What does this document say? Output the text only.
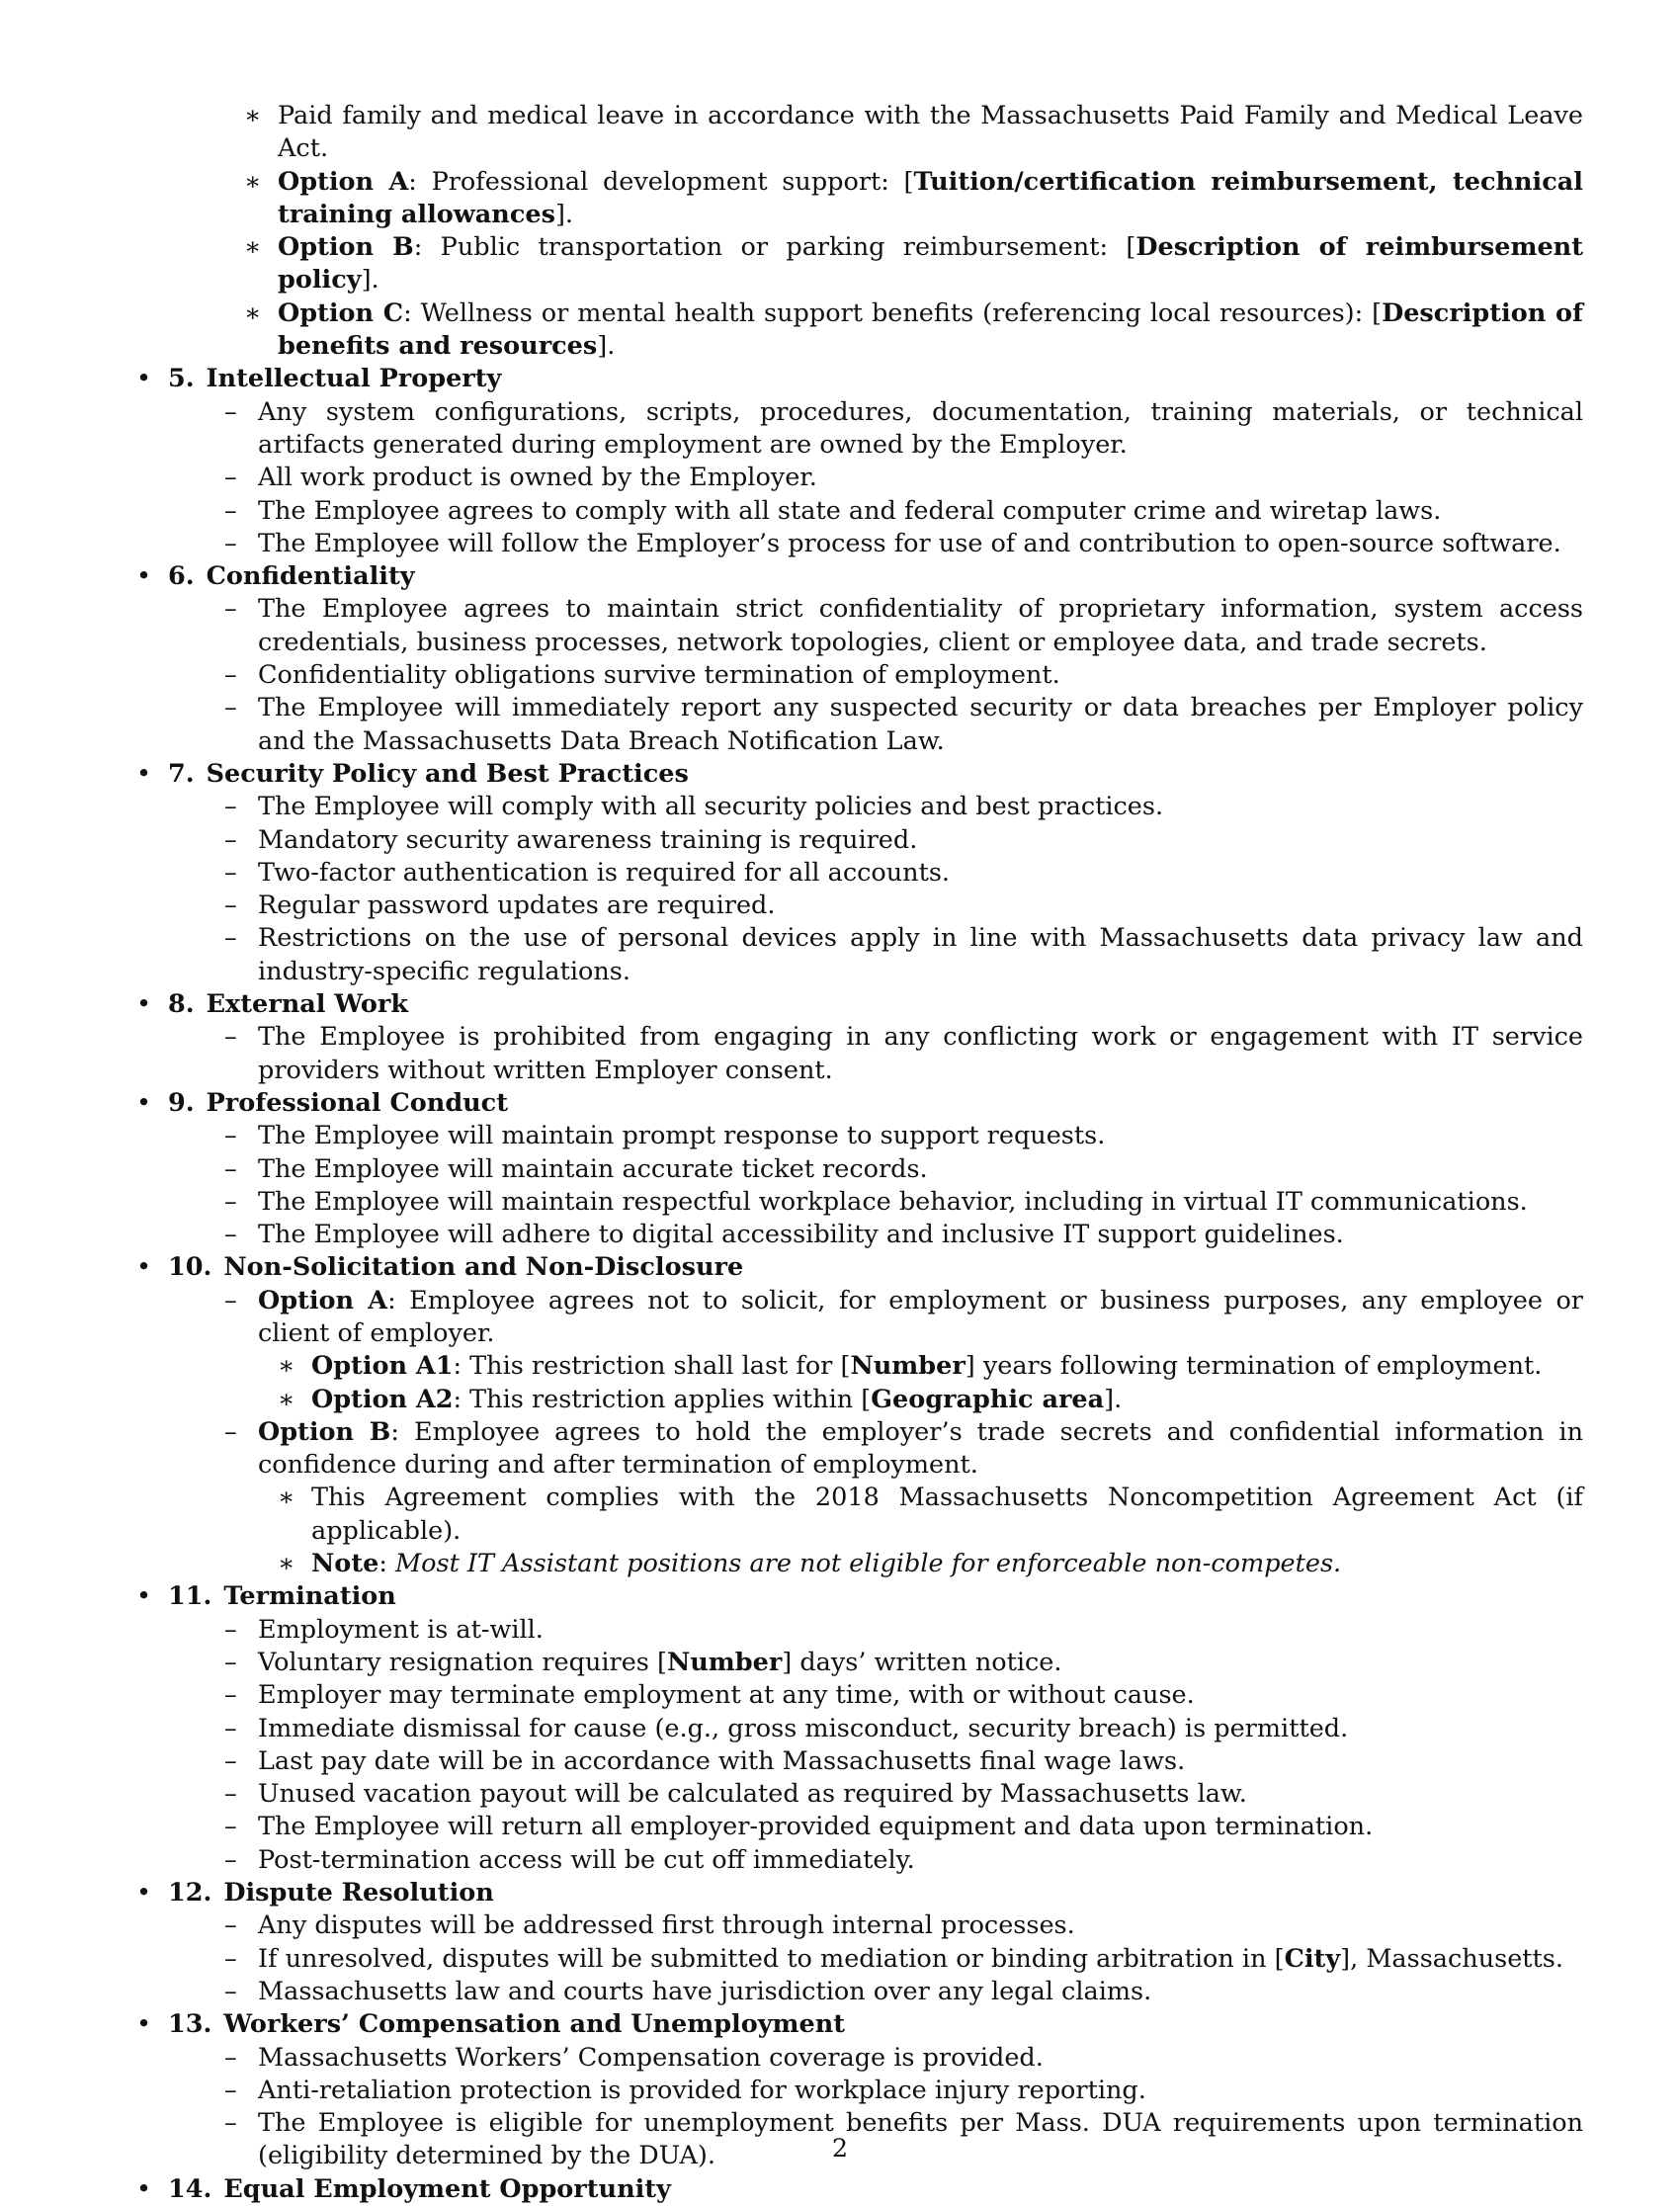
∗ Paid family and medical leave in accordance with the Massachusetts Paid Family and Medical Leave Act.
∗ Option A: Professional development support: [Tuition/certification reimbursement, technical training allowances].
∗ Option B: Public transportation or parking reimbursement: [Description of reimbursement policy].
∗ Option C: Wellness or mental health support benefits (referencing local resources): [Description of benefits and resources].
• 5. Intellectual Property
– Any system configurations, scripts, procedures, documentation, training materials, or technical artifacts generated during employment are owned by the Employer.
– All work product is owned by the Employer.
– The Employee agrees to comply with all state and federal computer crime and wiretap laws.
– The Employee will follow the Employer’s process for use of and contribution to open-source software.
• 6. Confidentiality
– The Employee agrees to maintain strict confidentiality of proprietary information, system access credentials, business processes, network topologies, client or employee data, and trade secrets.
– Confidentiality obligations survive termination of employment.
– The Employee will immediately report any suspected security or data breaches per Employer policy and the Massachusetts Data Breach Notification Law.
• 7. Security Policy and Best Practices
– The Employee will comply with all security policies and best practices.
– Mandatory security awareness training is required.
– Two-factor authentication is required for all accounts.
– Regular password updates are required.
– Restrictions on the use of personal devices apply in line with Massachusetts data privacy law and industry-specific regulations.
• 8. External Work
– The Employee is prohibited from engaging in any conflicting work or engagement with IT service providers without written Employer consent.
• 9. Professional Conduct
– The Employee will maintain prompt response to support requests.
– The Employee will maintain accurate ticket records.
– The Employee will maintain respectful workplace behavior, including in virtual IT communications.
– The Employee will adhere to digital accessibility and inclusive IT support guidelines.
• 10. Non-Solicitation and Non-Disclosure
– Option A: Employee agrees not to solicit, for employment or business purposes, any employee or client of employer.
∗ Option A1: This restriction shall last for [Number] years following termination of employment.
∗ Option A2: This restriction applies within [Geographic area].
– Option B: Employee agrees to hold the employer’s trade secrets and confidential information in confidence during and after termination of employment.
∗ This Agreement complies with the 2018 Massachusetts Noncompetition Agreement Act (if applicable).
∗ Note: Most IT Assistant positions are not eligible for enforceable non-competes.
• 11. Termination
– Employment is at-will.
– Voluntary resignation requires [Number] days’ written notice.
– Employer may terminate employment at any time, with or without cause.
– Immediate dismissal for cause (e.g., gross misconduct, security breach) is permitted.
– Last pay date will be in accordance with Massachusetts final wage laws.
– Unused vacation payout will be calculated as required by Massachusetts law.
– The Employee will return all employer-provided equipment and data upon termination.
– Post-termination access will be cut off immediately.
• 12. Dispute Resolution
– Any disputes will be addressed first through internal processes.
– If unresolved, disputes will be submitted to mediation or binding arbitration in [City], Massachusetts.
– Massachusetts law and courts have jurisdiction over any legal claims.
• 13. Workers’ Compensation and Unemployment
– Massachusetts Workers’ Compensation coverage is provided.
– Anti-retaliation protection is provided for workplace injury reporting.
– The Employee is eligible for unemployment benefits per Mass. DUA requirements upon termination (eligibility determined by the DUA).
• 14. Equal Employment Opportunity
2
